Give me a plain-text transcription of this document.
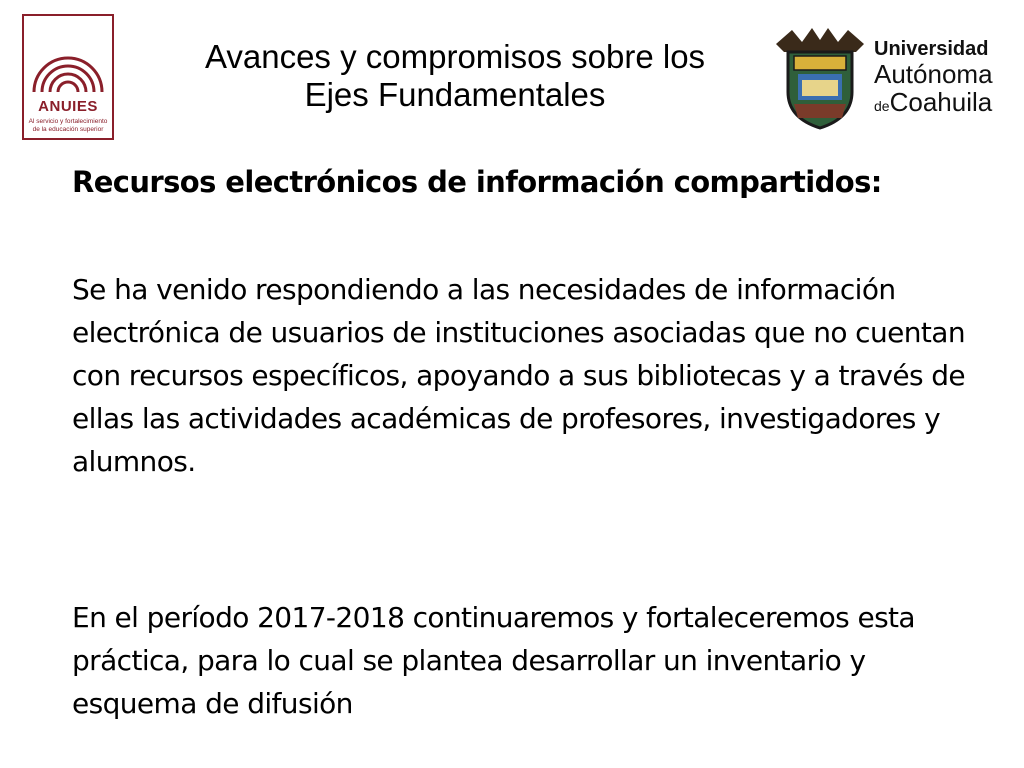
ANUIES
Al servicio y fortalecimiento de la educación superior
Avances y compromisos sobre los
Ejes Fundamentales
Universidad
Autónoma
deCoahuila
Recursos electrónicos de información compartidos:
Se ha venido respondiendo a las necesidades de información electrónica de usuarios de instituciones asociadas que no cuentan con recursos específicos, apoyando a sus bibliotecas y a través de ellas las actividades académicas de profesores, investigadores y alumnos.
En el período 2017-2018 continuaremos y fortaleceremos esta práctica, para lo cual se plantea desarrollar un inventario y esquema de difusión
